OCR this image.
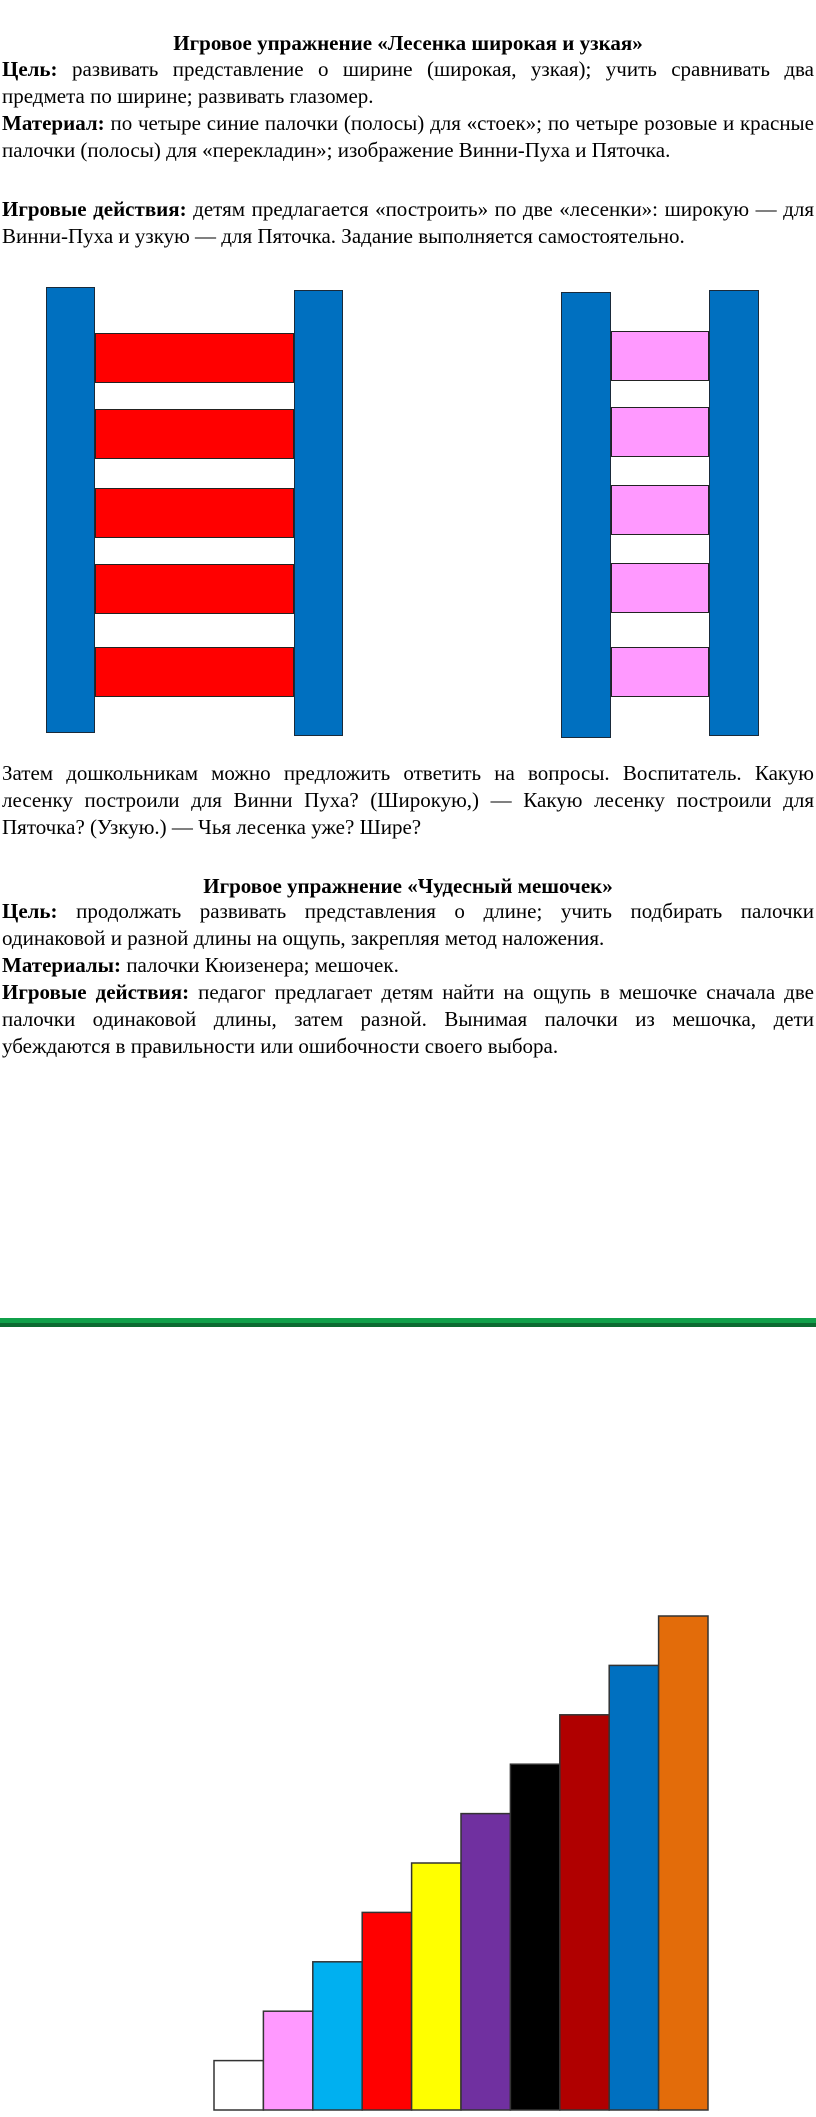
Игровое упражнение «Лесенка широкая и узкая»
Цель: развивать представление о ширине (широкая, узкая); учить сравнивать два предмета по ширине; развивать глазомер.
Материал: по четыре синие палочки (полосы) для «стоек»; по четыре розовые и красные палочки (полосы) для «перекладин»; изображение Винни-Пуха и Пяточка.
Игровые действия: детям предлагается «построить» по две «лесенки»: широкую — для Винни-Пуха и узкую — для Пяточка. Задание выполняется самостоятельно.
Затем дошкольникам можно предложить ответить на вопросы. Воспитатель. Какую лесенку построили для Винни Пуха? (Широкую,) — Какую лесенку построили для Пяточка? (Узкую.) — Чья лесенка уже? Шире?
Игровое упражнение «Чудесный мешочек»
Цель: продолжать развивать представления о длине; учить подбирать палочки одинаковой и разной длины на ощупь, закрепляя метод наложения.
Материалы: палочки Кюизенера; мешочек.
Игровые действия: педагог предлагает детям найти на ощупь в мешочке сначала две палочки одинаковой длины, затем разной. Вынимая палочки из мешочка, дети убеждаются в правильности или ошибочности своего выбора.
